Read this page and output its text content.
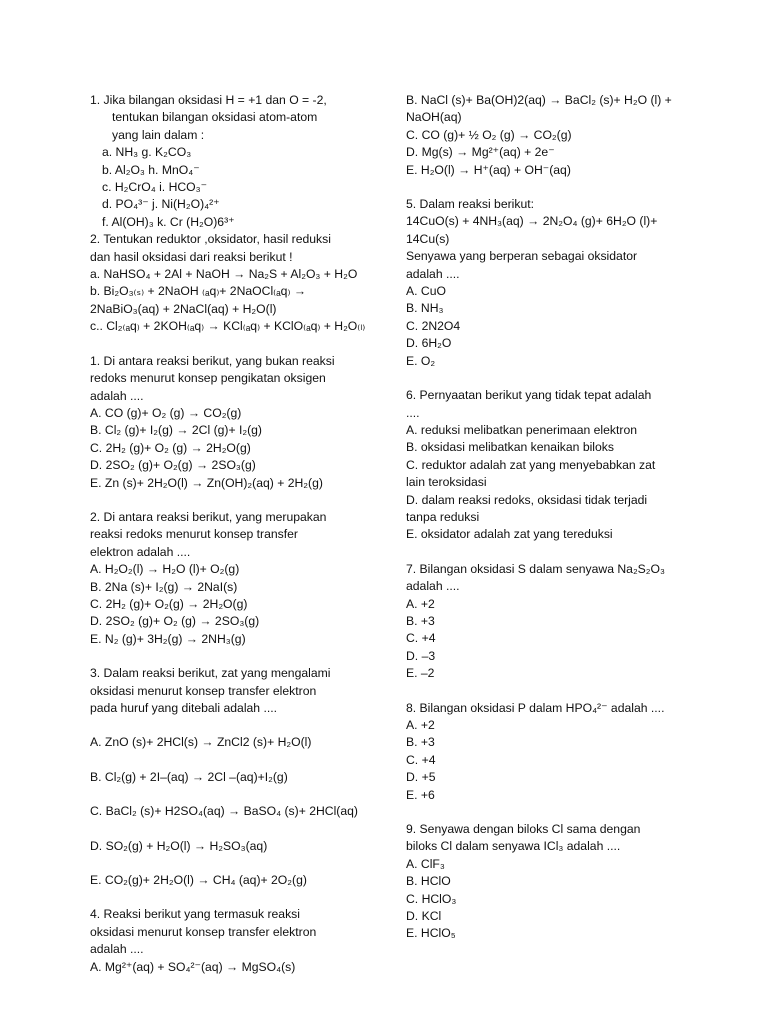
1. Jika bilangan oksidasi H = +1 dan O = -2,
tentukan bilangan oksidasi atom-atom
yang lain dalam :
a. NH₃ g. K₂CO₃
b. Al₂O₃ h. MnO₄⁻
c. H₂CrO₄ i. HCO₃⁻
d. PO₄³⁻ j. Ni(H₂O)₄²⁺
f. Al(OH)₃ k. Cr (H₂O)6³⁺
2. Tentukan reduktor ,oksidator, hasil reduksi
dan hasil oksidasi dari reaksi berikut !
a. NaHSO₄ + 2Al + NaOH → Na₂S + Al₂O₃ + H₂O
b. Bi₂O₃₍ₛ₎ + 2NaOH ₍ₐq₎+ 2NaOCl₍ₐq₎ →
2NaBiO₃(aq) + 2NaCl(aq) + H₂O(l)
c.. Cl₂₍ₐq₎ + 2KOH₍ₐq₎ → KCl₍ₐq₎ + KClO₍ₐq₎ + H₂O₍ₗ₎
1. Di antara reaksi berikut, yang bukan reaksi
redoks menurut konsep pengikatan oksigen
adalah ....
A. CO (g)+ O₂ (g) → CO₂(g)
B. Cl₂ (g)+ I₂(g) → 2Cl (g)+ I₂(g)
C. 2H₂ (g)+ O₂ (g) → 2H₂O(g)
D. 2SO₂ (g)+ O₂(g) → 2SO₃(g)
E. Zn (s)+ 2H₂O(l) → Zn(OH)₂(aq) + 2H₂(g)
2. Di antara reaksi berikut, yang merupakan
reaksi redoks menurut konsep transfer
elektron adalah ....
A. H₂O₂(l) → H₂O (l)+ O₂(g)
B. 2Na (s)+ I₂(g) → 2NaI(s)
C. 2H₂ (g)+ O₂(g) → 2H₂O(g)
D. 2SO₂ (g)+ O₂ (g) → 2SO₃(g)
E. N₂ (g)+ 3H₂(g) → 2NH₃(g)
3. Dalam reaksi berikut, zat yang mengalami
oksidasi menurut konsep transfer elektron
pada huruf yang ditebali adalah ....
A. ZnO (s)+ 2HCl(s) → ZnCl2 (s)+ H₂O(l)
B. Cl₂(g) + 2I–(aq) → 2Cl –(aq)+I₂(g)
C. BaCl₂ (s)+ H2SO₄(aq) → BaSO₄ (s)+ 2HCl(aq)
D. SO₂(g) + H₂O(l) → H₂SO₃(aq)
E. CO₂(g)+ 2H₂O(l) → CH₄ (aq)+ 2O₂(g)
4. Reaksi berikut yang termasuk reaksi
oksidasi menurut konsep transfer elektron
adalah ....
A. Mg²⁺(aq) + SO₄²⁻(aq) → MgSO₄(s)
B. NaCl (s)+ Ba(OH)2(aq) → BaCl₂ (s)+ H₂O (l) +
NaOH(aq)
C. CO (g)+ ½ O₂ (g) → CO₂(g)
D. Mg(s) → Mg²⁺(aq) + 2e⁻
E. H₂O(l) → H⁺(aq) + OH⁻(aq)
5. Dalam reaksi berikut:
14CuO(s) + 4NH₃(aq) → 2N₂O₄ (g)+ 6H₂O (l)+
14Cu(s)
Senyawa yang berperan sebagai oksidator
adalah ....
A. CuO
B. NH₃
C. 2N2O4
D. 6H₂O
E. O₂
6. Pernyaatan berikut yang tidak tepat adalah
....
A. reduksi melibatkan penerimaan elektron
B. oksidasi melibatkan kenaikan biloks
C. reduktor adalah zat yang menyebabkan zat
lain teroksidasi
D. dalam reaksi redoks, oksidasi tidak terjadi
tanpa reduksi
E. oksidator adalah zat yang tereduksi
7. Bilangan oksidasi S dalam senyawa Na₂S₂O₃
adalah ....
A. +2
B. +3
C. +4
D. –3
E. –2
8. Bilangan oksidasi P dalam HPO₄²⁻ adalah ....
A. +2
B. +3
C. +4
D. +5
E. +6
9. Senyawa dengan biloks Cl sama dengan
biloks Cl dalam senyawa ICl₃ adalah ....
A. ClF₃
B. HClO
C. HClO₃
D. KCl
E. HClO₅
